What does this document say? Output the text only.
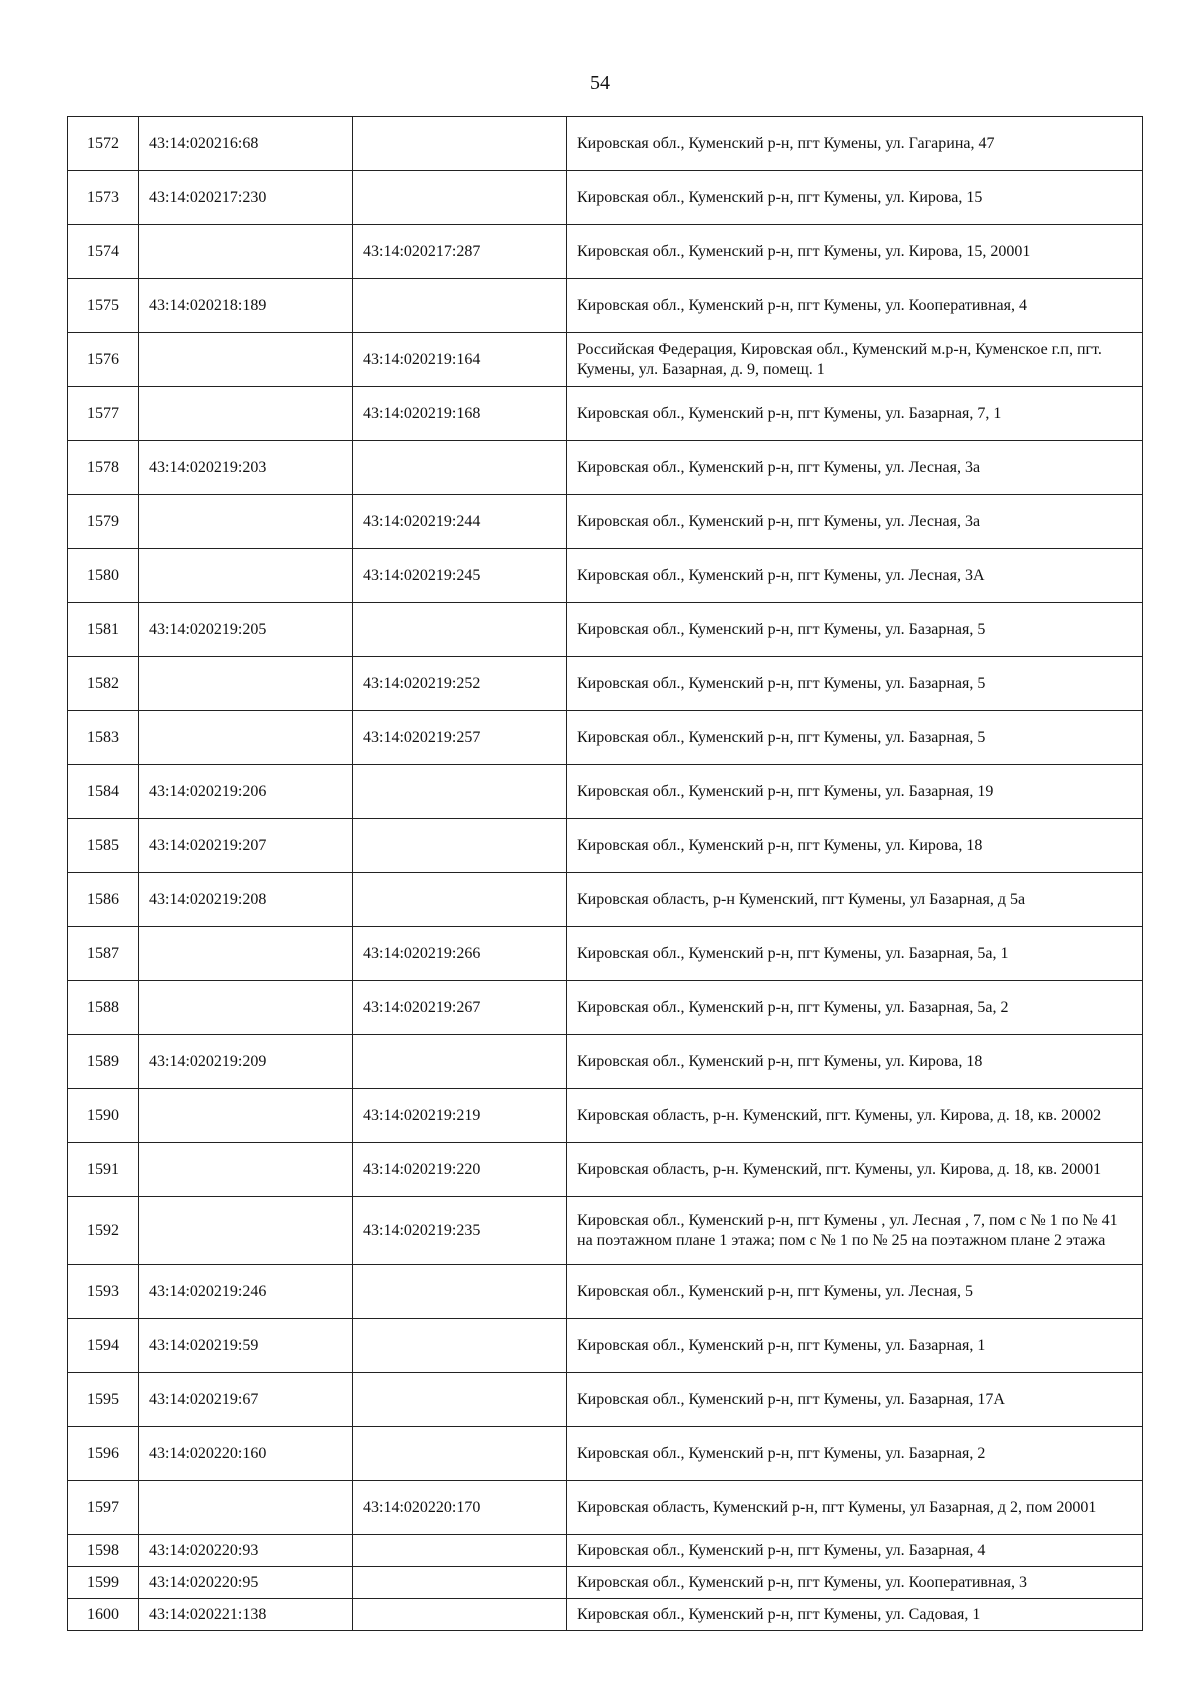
54
1572	43:14:020216:68		Кировская обл., Куменский р-н, пгт Кумены, ул. Гагарина, 47
1573	43:14:020217:230		Кировская обл., Куменский р-н, пгт Кумены, ул. Кирова, 15
1574		43:14:020217:287	Кировская обл., Куменский р-н, пгт Кумены, ул. Кирова, 15, 20001
1575	43:14:020218:189		Кировская обл., Куменский р-н, пгт Кумены, ул. Кооперативная, 4
1576		43:14:020219:164	Российская Федерация, Кировская обл., Куменский м.р-н, Куменское г.п, пгт. Кумены, ул. Базарная, д. 9, помещ. 1
1577		43:14:020219:168	Кировская обл., Куменский р-н, пгт Кумены, ул. Базарная, 7, 1
1578	43:14:020219:203		Кировская обл., Куменский р-н, пгт Кумены, ул. Лесная, 3а
1579		43:14:020219:244	Кировская обл., Куменский р-н, пгт Кумены, ул. Лесная, 3а
1580		43:14:020219:245	Кировская обл., Куменский р-н, пгт Кумены, ул. Лесная, 3А
1581	43:14:020219:205		Кировская обл., Куменский р-н, пгт Кумены, ул. Базарная, 5
1582		43:14:020219:252	Кировская обл., Куменский р-н, пгт Кумены, ул. Базарная, 5
1583		43:14:020219:257	Кировская обл., Куменский р-н, пгт Кумены, ул. Базарная, 5
1584	43:14:020219:206		Кировская обл., Куменский р-н, пгт Кумены, ул. Базарная, 19
1585	43:14:020219:207		Кировская обл., Куменский р-н, пгт Кумены, ул. Кирова, 18
1586	43:14:020219:208		Кировская область, р-н Куменский, пгт Кумены, ул Базарная, д 5а
1587		43:14:020219:266	Кировская обл., Куменский р-н, пгт Кумены, ул. Базарная, 5а, 1
1588		43:14:020219:267	Кировская обл., Куменский р-н, пгт Кумены, ул. Базарная, 5а, 2
1589	43:14:020219:209		Кировская обл., Куменский р-н, пгт Кумены, ул. Кирова, 18
1590		43:14:020219:219	Кировская область, р-н. Куменский, пгт. Кумены, ул. Кирова, д. 18, кв. 20002
1591		43:14:020219:220	Кировская область, р-н. Куменский, пгт. Кумены, ул. Кирова, д. 18, кв. 20001
1592		43:14:020219:235	Кировская обл., Куменский р-н, пгт Кумены , ул. Лесная , 7, пом с № 1 по № 41 на поэтажном плане 1 этажа; пом с № 1 по № 25 на поэтажном плане 2 этажа
1593	43:14:020219:246		Кировская обл., Куменский р-н, пгт Кумены, ул. Лесная, 5
1594	43:14:020219:59		Кировская обл., Куменский р-н, пгт Кумены, ул. Базарная, 1
1595	43:14:020219:67		Кировская обл., Куменский р-н, пгт Кумены, ул. Базарная, 17А
1596	43:14:020220:160		Кировская обл., Куменский р-н, пгт Кумены, ул. Базарная, 2
1597		43:14:020220:170	Кировская область, Куменский р-н, пгт Кумены, ул Базарная, д 2, пом 20001
1598	43:14:020220:93		Кировская обл., Куменский р-н, пгт Кумены, ул. Базарная, 4
1599	43:14:020220:95		Кировская обл., Куменский р-н, пгт Кумены, ул. Кооперативная, 3
1600	43:14:020221:138		Кировская обл., Куменский р-н, пгт Кумены, ул. Садовая, 1
